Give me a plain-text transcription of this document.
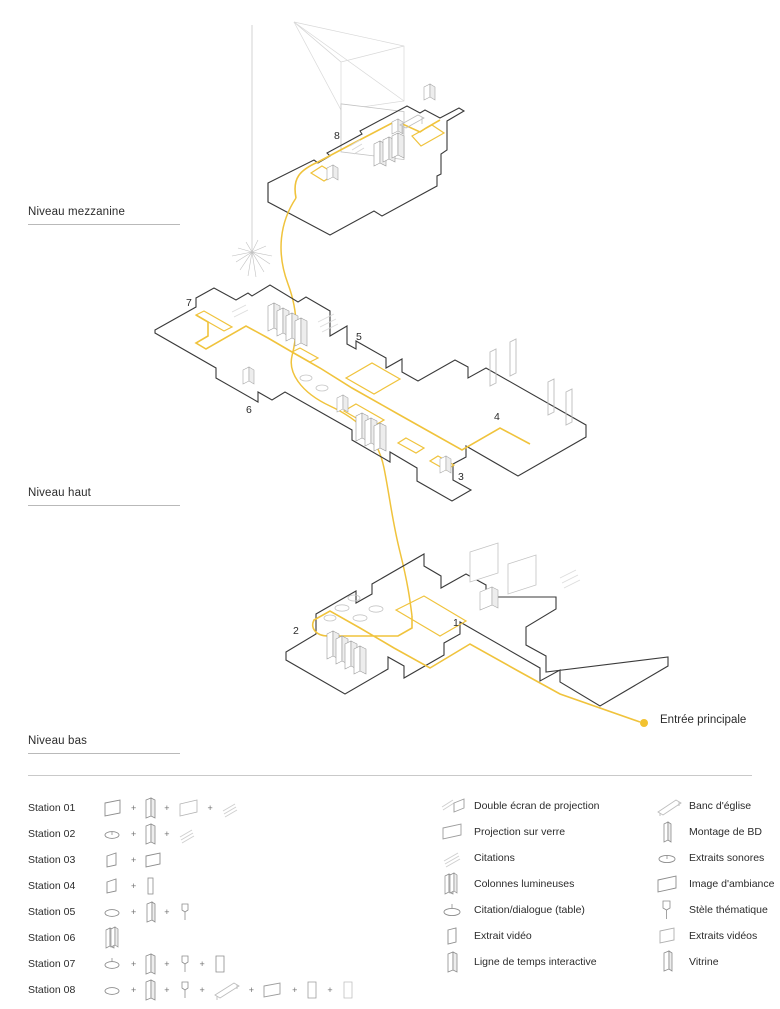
Niveau mezzanine
Niveau haut
Niveau bas
Entrée principale
8
7
5
6
4
3
2
1
Station 01	+	+	+
Station 02	+	+
Station 03	+
Station 04	+
Station 05	+	+
Station 06
Station 07	+	+	+
Station 08	+	+	+	+	+	+
Double écran de projection
Projection sur verre
Citations
Colonnes lumineuses
Citation/dialogue (table)
Extrait vidéo
Ligne de temps interactive
Banc d'église
Montage de BD
Extraits sonores
Image d'ambiance
Stèle thématique
Extraits vidéos
Vitrine
